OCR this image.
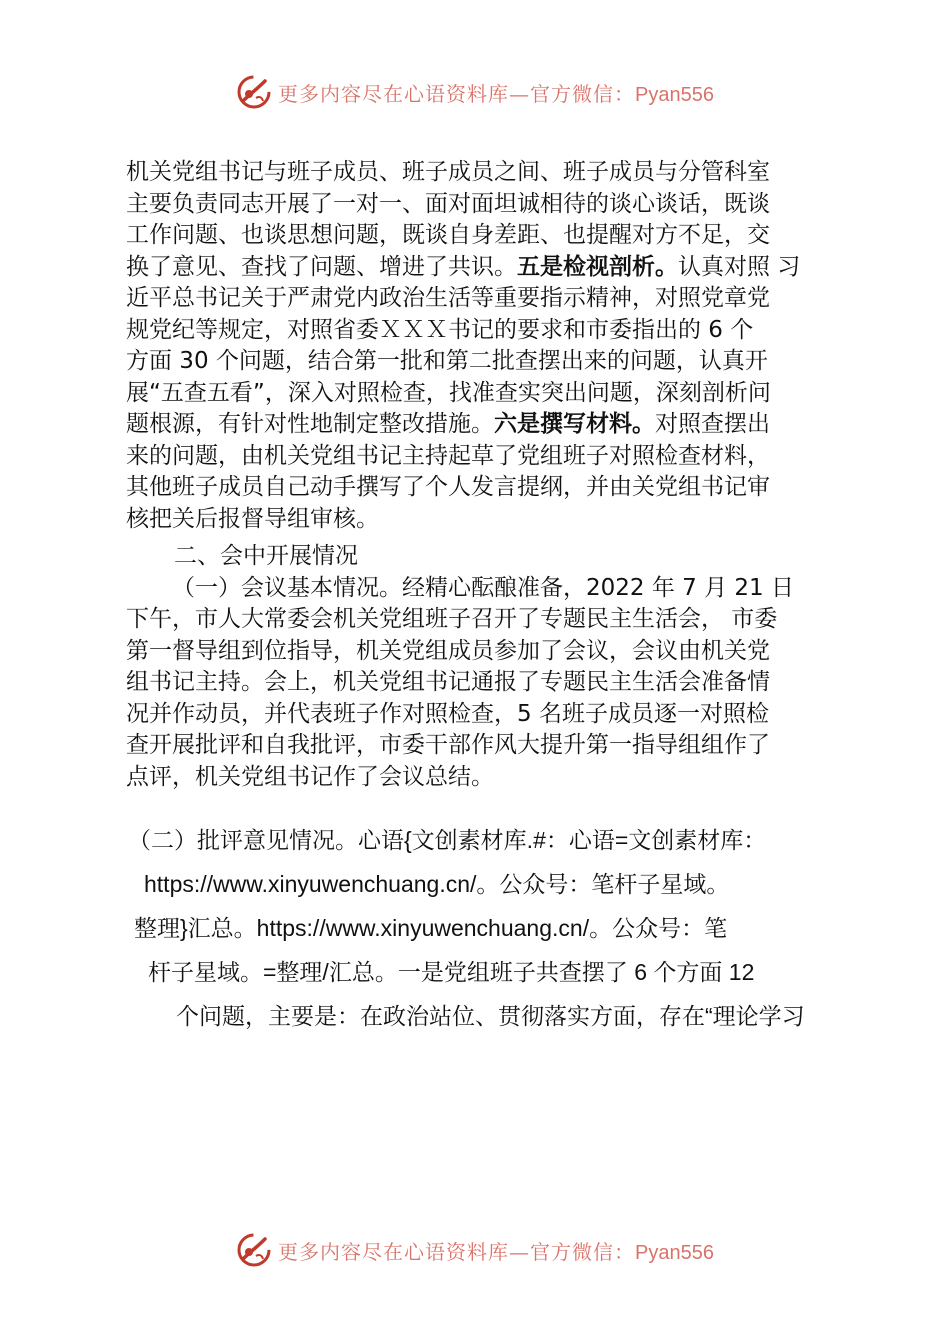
更多内容尽在心语资料库—官方微信：Pyan556

机关党组书记与班子成员、班子成员之间、班子成员与分管科室
主要负责同志开展了一对一、面对面坦诚相待的谈心谈话，既谈
工作问题、也谈思想问题，既谈自身差距、也提醒对方不足，交
换了意见、查找了问题、增进了共识。五是检视剖析。认真对照 习
近平总书记关于严肃党内政治生活等重要指示精神，对照党章党
规党纪等规定，对照省委ＸＸＸ书记的要求和市委指出的 6 个
方面 30 个问题，结合第一批和第二批查摆出来的问题，认真开
展“五查五看”，深入对照检查，找准查实突出问题，深刻剖析问
题根源，有针对性地制定整改措施。六是撰写材料。对照查摆出
来的问题，由机关党组书记主持起草了党组班子对照检查材料，
其他班子成员自己动手撰写了个人发言提纲，并由关党组书记审
核把关后报督导组审核。

二、会中开展情况

（一）会议基本情况。经精心酝酿准备，2022 年 7 月 21 日
下午，市人大常委会机关党组班子召开了专题民主生活会， 市委
第一督导组到位指导，机关党组成员参加了会议，会议由机关党
组书记主持。会上，机关党组书记通报了专题民主生活会准备情
况并作动员，并代表班子作对照检查，5 名班子成员逐一对照检
查开展批评和自我批评，市委干部作风大提升第一指导组组作了
点评，机关党组书记作了会议总结。

（二）批评意见情况。心语{文创素材库.#：心语=文创素材库：
https://www.xinyuwenchuang.cn/。公众号：笔杆子星域。
整理}汇总。https://www.xinyuwenchuang.cn/。公众号：笔
杆子星域。=整理/汇总。一是党组班子共查摆了 6 个方面 12
个问题，主要是：在政治站位、贯彻落实方面，存在“理论学习
更多内容尽在心语资料库—官方微信：Pyan556
